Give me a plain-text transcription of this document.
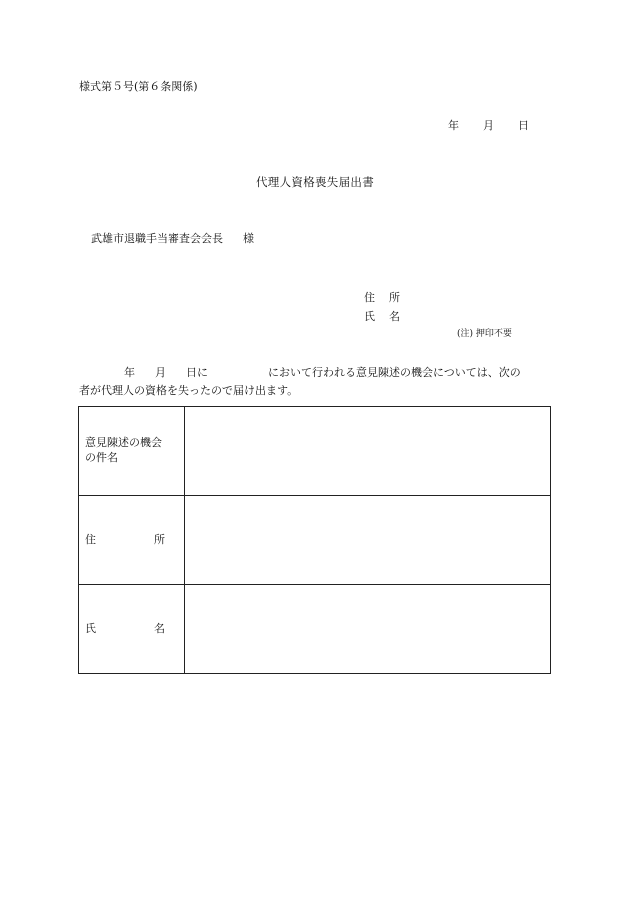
様式第５号(第６条関係)
年 月 日
代理人資格喪失届出書
武雄市退職手当審査会会長 様
住 所
氏 名
(注) 押印不要
年 月 日に	において行われる意見陳述の機会については、次の
者が代理人の資格を失ったので届け出ます。
意見陳述の機会
の件名	

住 所	

氏 名	
